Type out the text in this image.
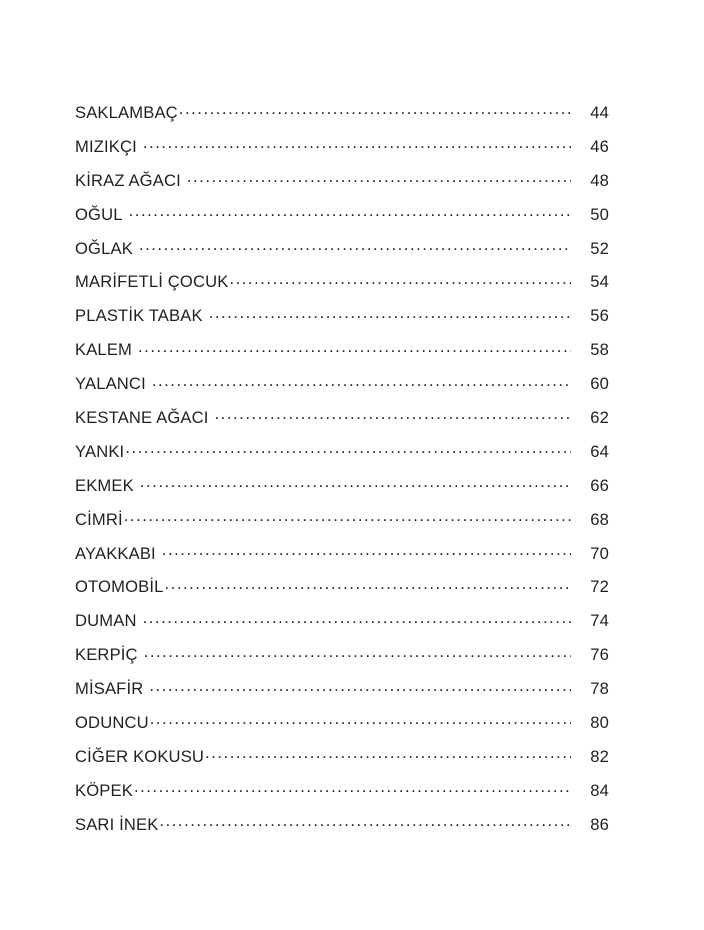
SAKLAMBAÇ .....	44
MIZIKÇI .....	46
KİRAZ AĞACI .....	48
OĞUL .....	50
OĞLAK .....	52
MARİFETLİ ÇOCUK .....	54
PLASTİK TABAK .....	56
KALEM .....	58
YALANCI .....	60
KESTANE AĞACI .....	62
YANKI .....	64
EKMEK .....	66
CİMRİ .....	68
AYAKKABI .....	70
OTOMOBİL .....	72
DUMAN .....	74
KERPİÇ .....	76
MİSAFİR .....	78
ODUNCU .....	80
CİĞER KOKUSU .....	82
KÖPEK .....	84
SARI İNEK .....	86
